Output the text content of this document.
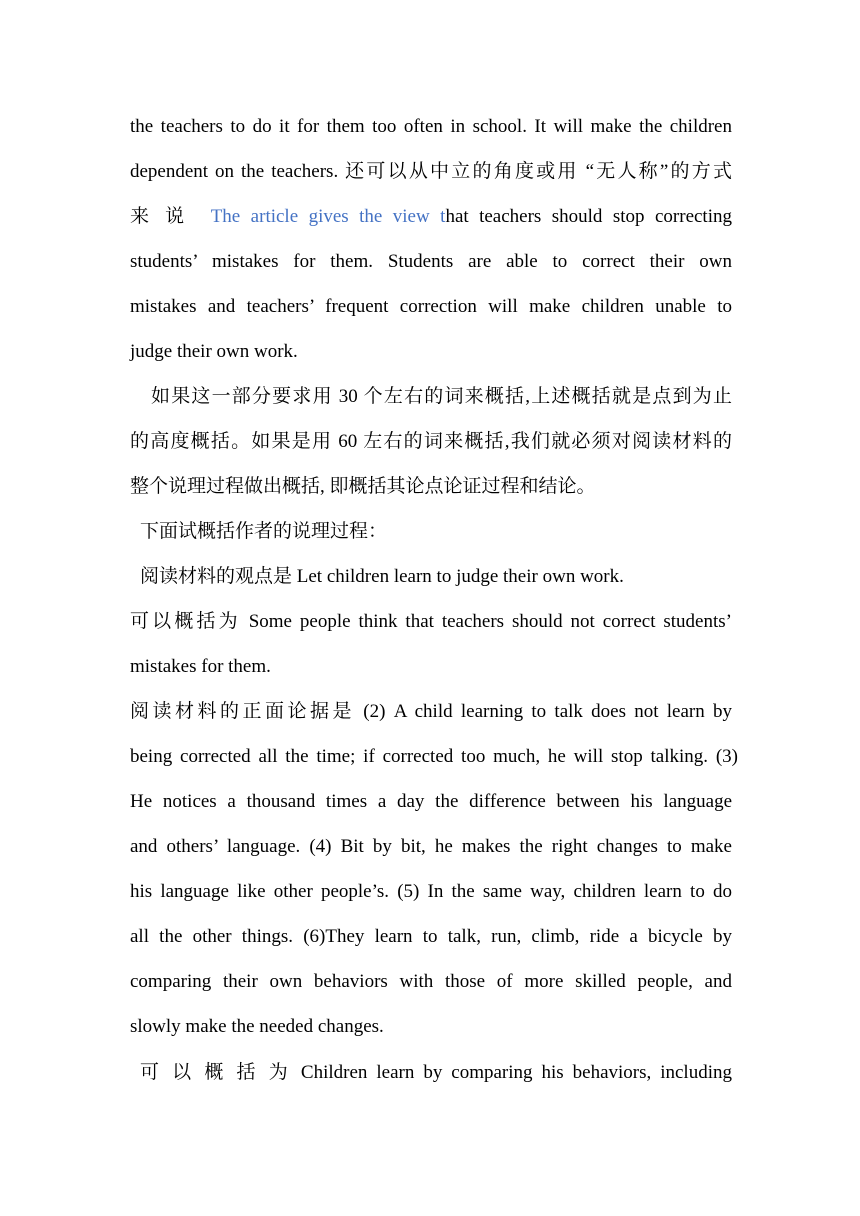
the teachers to do it for them too often in school. It will make the children
dependent on the teachers. 还可以从中立的角度或用 “无人称”的方式
来 说  The article gives the view that teachers should stop correcting
students’ mistakes for them. Students are able to correct their own
mistakes and teachers’ frequent correction will make children unable to
judge their own work.
如果这一部分要求用 30 个左右的词来概括,上述概括就是点到为止
的高度概括。如果是用 60 左右的词来概括,我们就必须对阅读材料的
整个说理过程做出概括, 即概括其论点论证过程和结论。
下面试概括作者的说理过程：
阅读材料的观点是 Let children learn to judge their own work.
可以概括为 Some people think that teachers should not correct students’
mistakes for them.
阅读材料的正面论据是 (2) A child learning to talk does not learn by
being corrected all the time; if corrected too much, he will stop talking. (3)
He notices a thousand times a day the difference between his language
and others’ language. (4) Bit by bit, he makes the right changes to make
his language like other people’s. (5) In the same way, children learn to do
all the other things. (6)They learn to talk, run, climb, ride a bicycle by
comparing their own behaviors with those of more skilled people, and
slowly make the needed changes.
可 以 概 括 为 Children learn by comparing his behaviors, including
